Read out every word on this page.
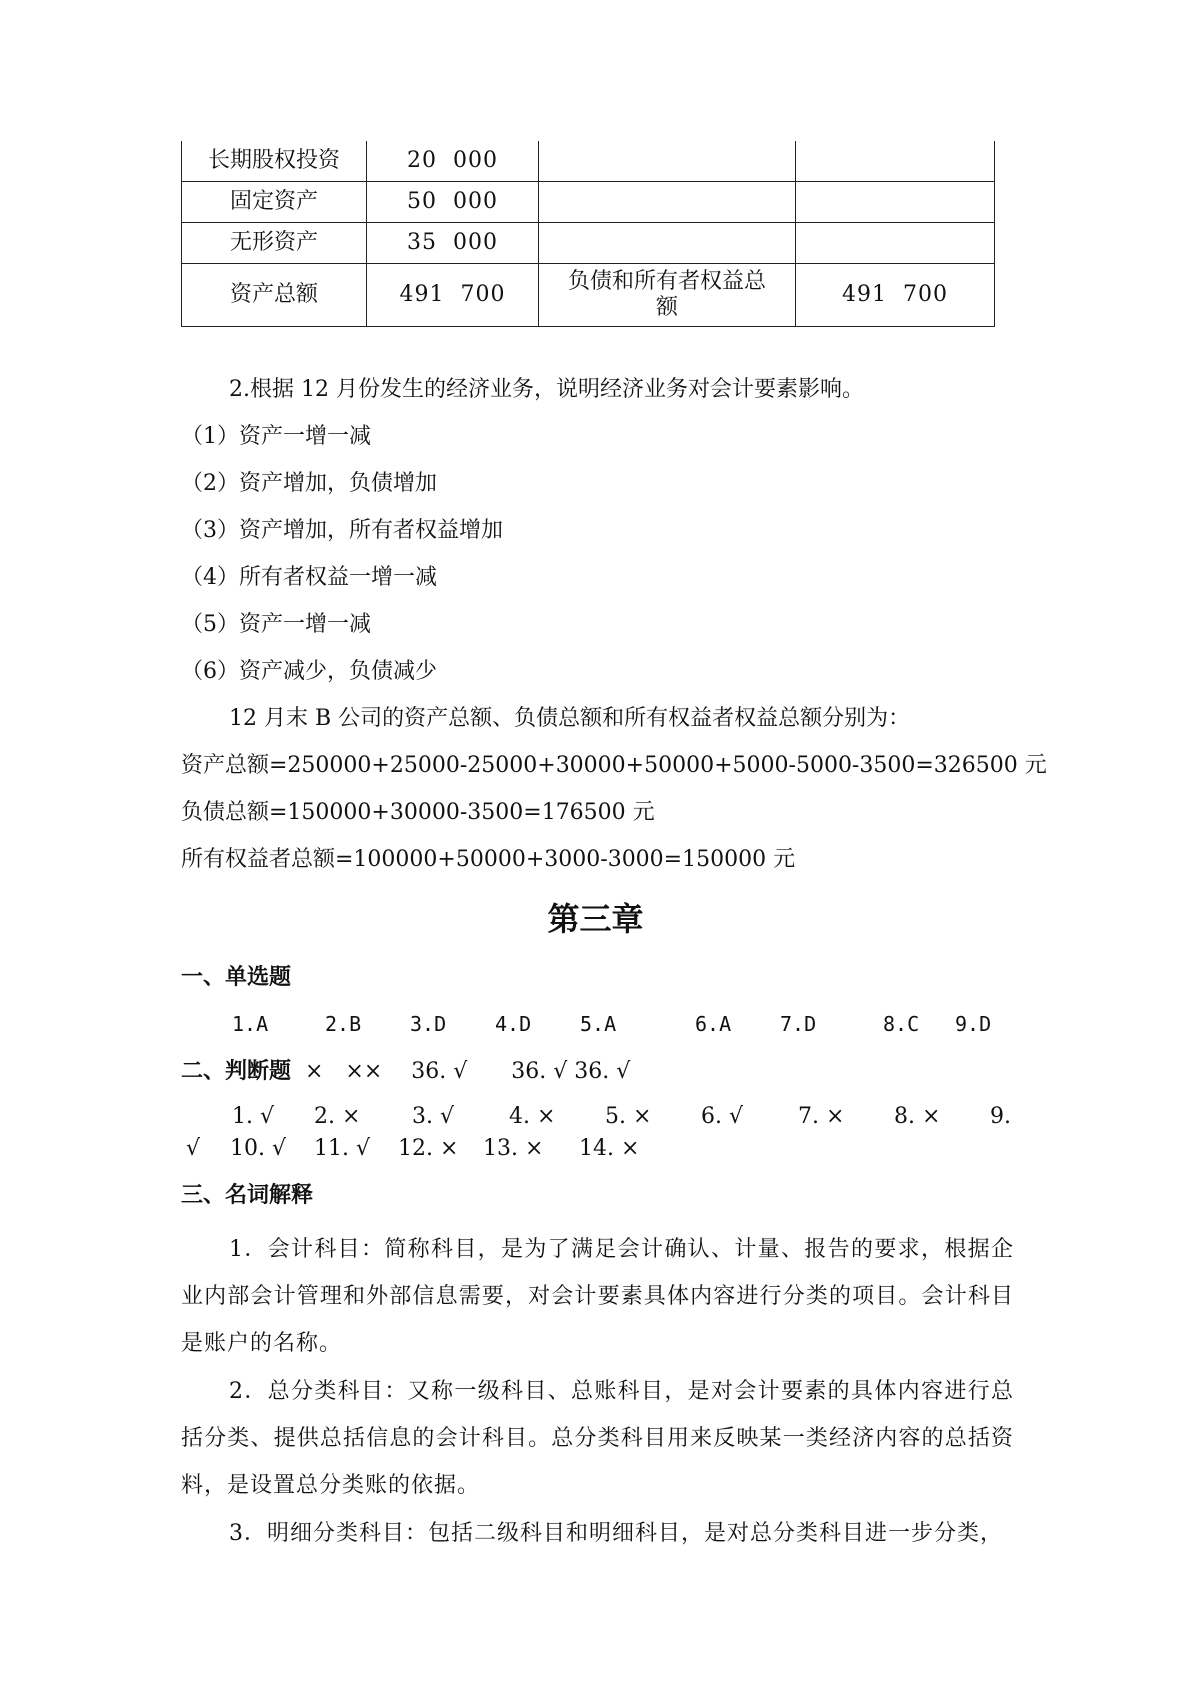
长期股权投资	20 000		
固定资产	50 000		
无形资产	35 000		
资产总额	491 700	负债和所有者权益总额	491 700
2.根据 12 月份发生的经济业务，说明经济业务对会计要素影响。
（1）资产一增一减
（2）资产增加，负债增加
（3）资产增加，所有者权益增加
（4）所有者权益一增一减
（5）资产一增一减
（6）资产减少，负债减少
12 月末 B 公司的资产总额、负债总额和所有权益者权益总额分别为：
资产总额=250000+25000-25000+30000+50000+5000-5000-3500=326500 元
负债总额=150000+30000-3500=176500 元
所有权益者总额=100000+50000+3000-3000=150000 元
第三章
一、单选题
1.A	2.B 3.D 4.D 5.A	6.A 7.D	8.C 9.D
二、判断题 ×　××　 36. √　　36. √ 36. √
1. √ 2. × 3. √ 4. × 5. × 6. √ 7. × 8. × 9.
√ 10. √ 11. √ 12. × 13. × 14. ×
三、名词解释
1．会计科目：简称科目，是为了满足会计确认、计量、报告的要求，根据企业内部会计管理和外部信息需要，对会计要素具体内容进行分类的项目。会计科目是账户的名称。
2．总分类科目：又称一级科目、总账科目，是对会计要素的具体内容进行总括分类、提供总括信息的会计科目。总分类科目用来反映某一类经济内容的总括资料，是设置总分类账的依据。
3．明细分类科目：包括二级科目和明细科目，是对总分类科目进一步分类，
